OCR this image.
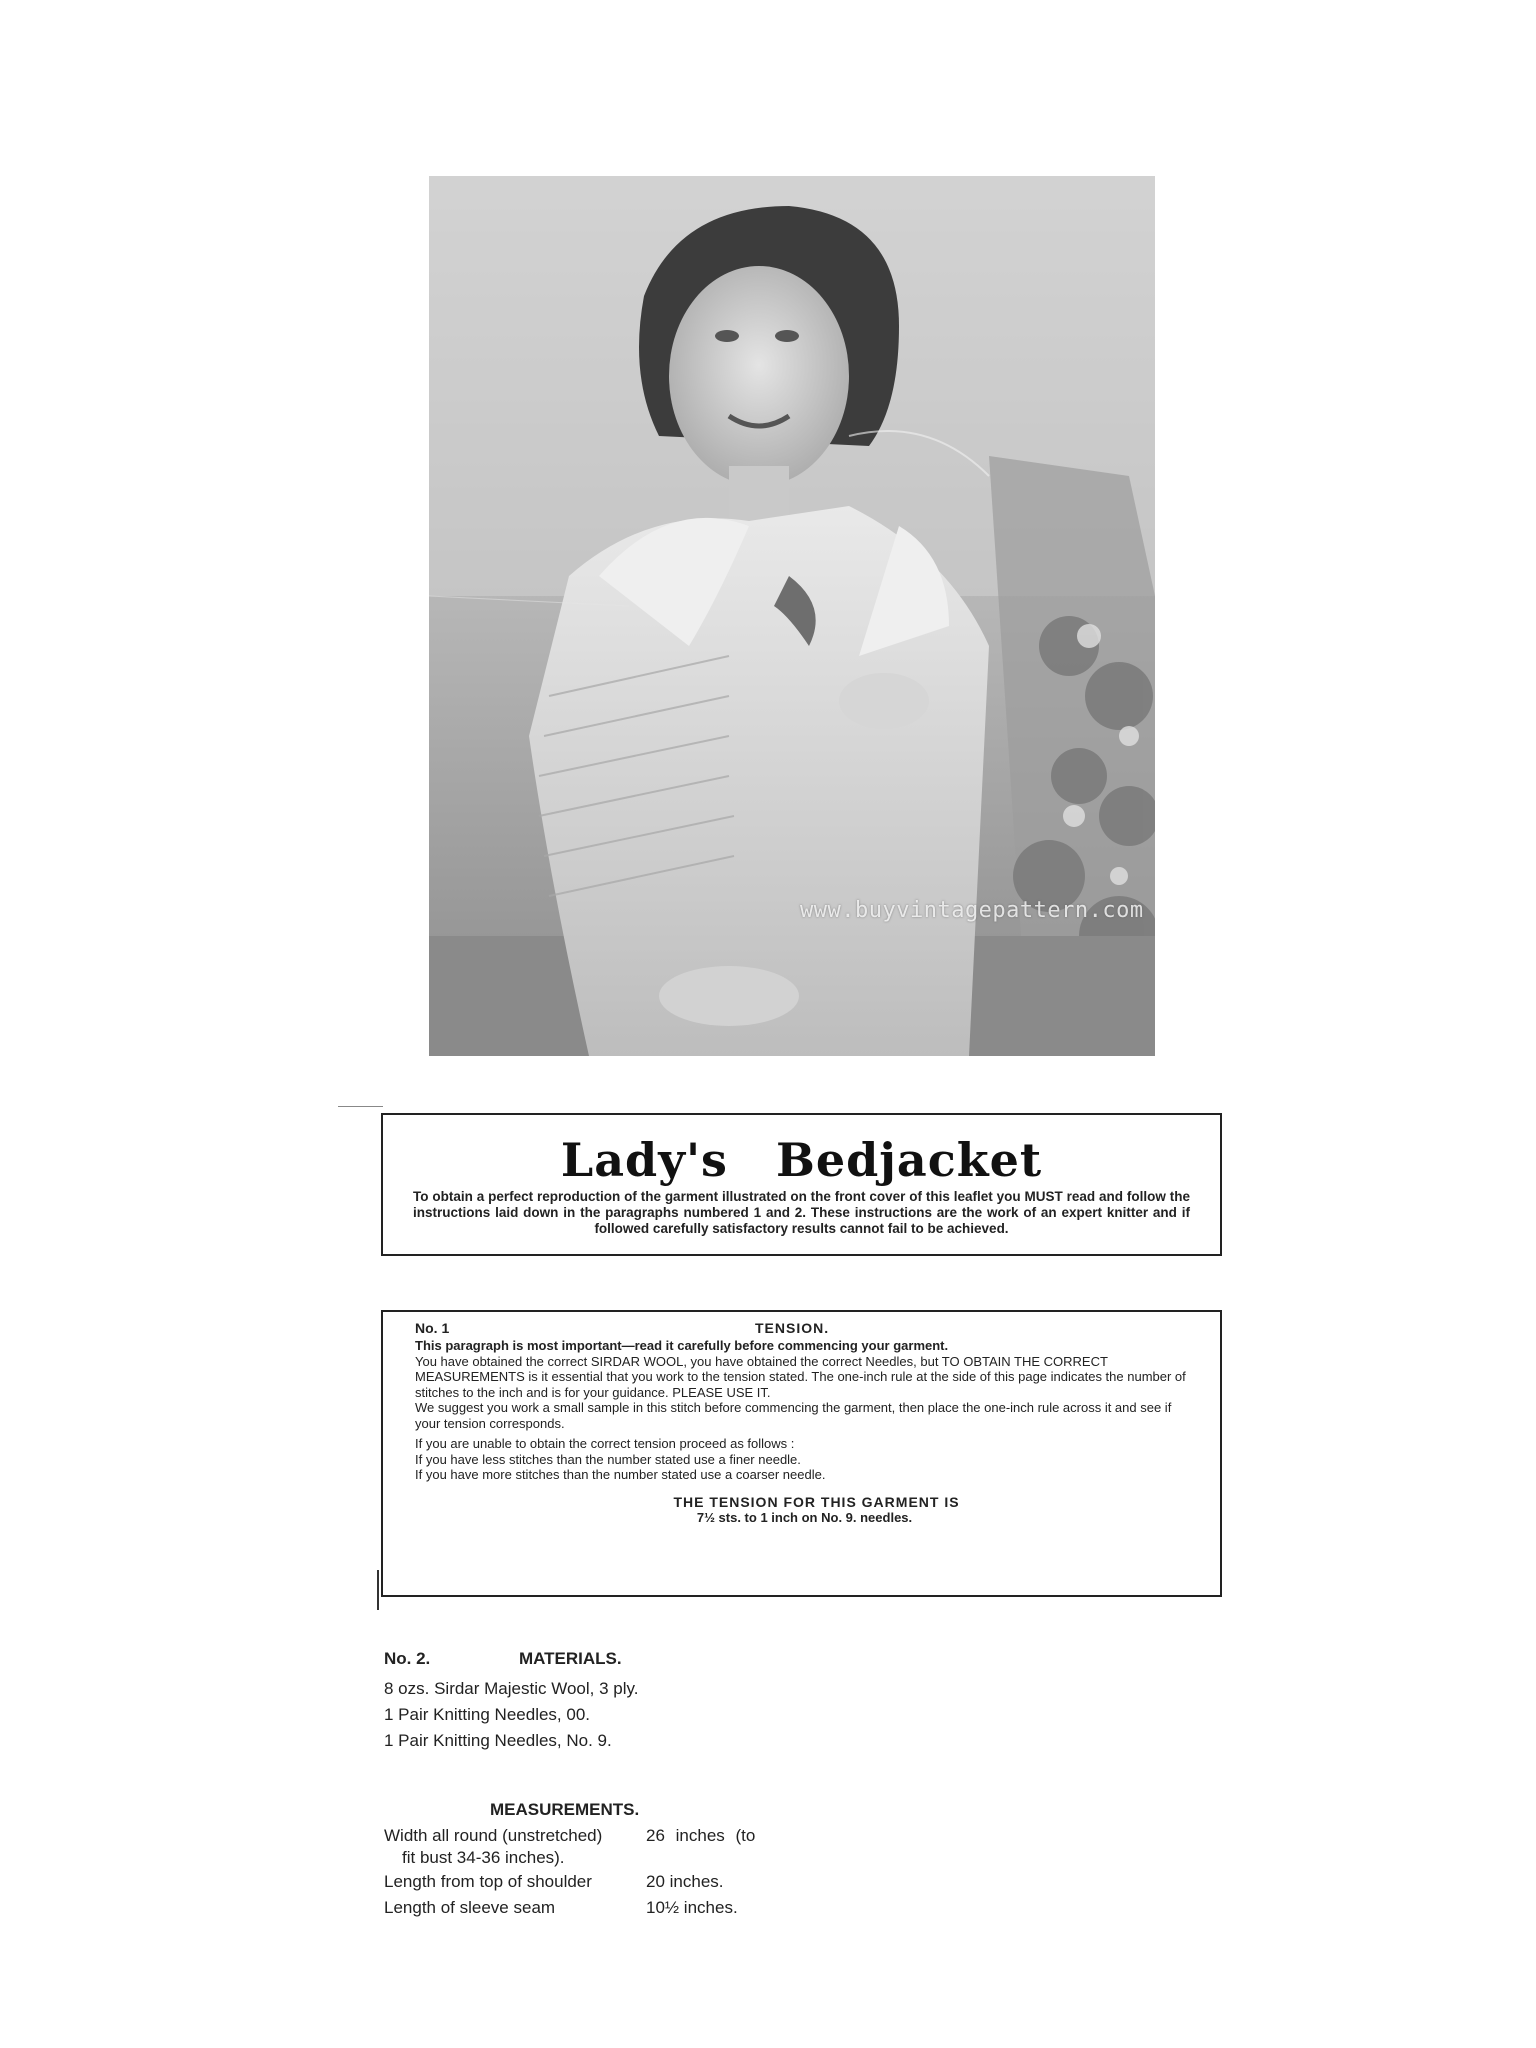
www.buyvintagepattern.com
Lady's Bedjacket
To obtain a perfect reproduction of the garment illustrated on the front cover of this leaflet you MUST read and follow the instructions laid down in the paragraphs numbered 1 and 2. These instructions are the work of an expert knitter and if followed carefully satisfactory results cannot fail to be achieved.
No. 1	TENSION.

This paragraph is most important—read it carefully before commencing your garment.

You have obtained the correct SIRDAR WOOL, you have obtained the correct Needles, but TO OBTAIN THE CORRECT MEASUREMENTS is it essential that you work to the tension stated. The one-inch rule at the side of this page indicates the number of stitches to the inch and is for your guidance. PLEASE USE IT.

We suggest you work a small sample in this stitch before commencing the garment, then place the one-inch rule across it and see if your tension corresponds.

If you are unable to obtain the correct tension proceed as follows :

If you have less stitches than the number stated use a finer needle.

If you have more stitches than the number stated use a coarser needle.

THE TENSION FOR THIS GARMENT IS
7½ sts. to 1 inch on No. 9. needles.
No. 2.	MATERIALS.
8 ozs. Sirdar Majestic Wool, 3 ply.
1 Pair Knitting Needles, 00.
1 Pair Knitting Needles, No. 9.
MEASUREMENTS.
Width all round (unstretched)	26 inches (to
fit bust 34-36 inches).
Length from top of shoulder	20 inches.
Length of sleeve seam	10½ inches.
